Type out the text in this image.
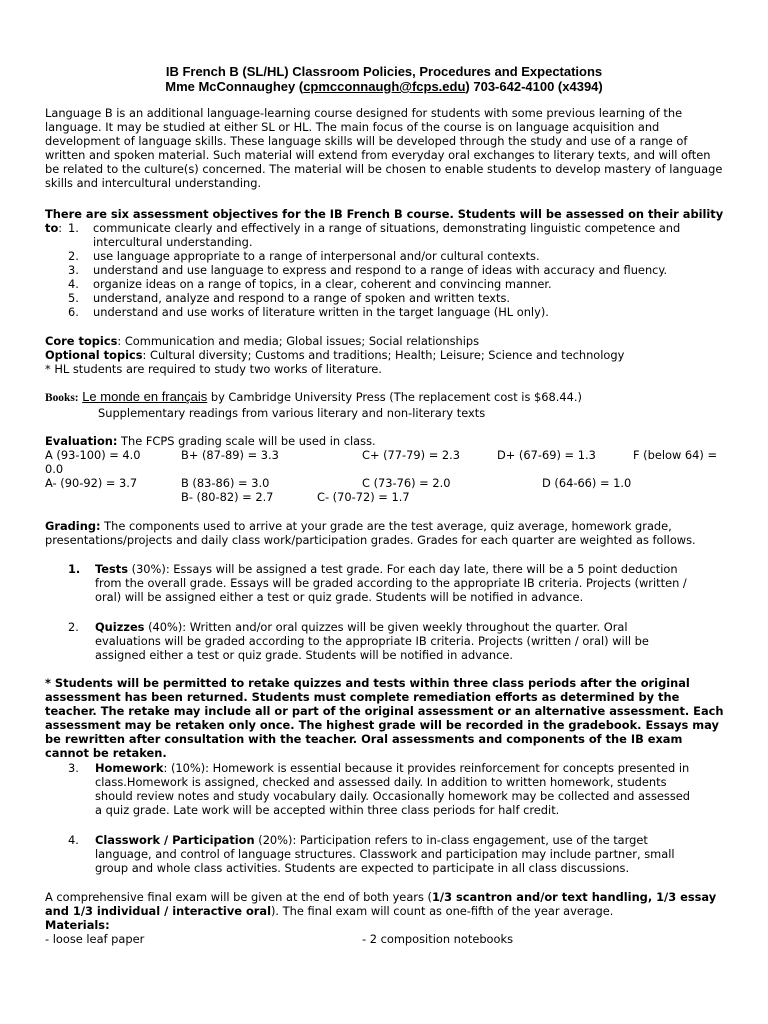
IB French B (SL/HL) Classroom Policies, Procedures and Expectations
Mme McConnaughey (cpmcconnaugh@fcps.edu) 703-642-4100 (x4394)
Language B is an additional language-learning course designed for students with some previous learning of the language. It may be studied at either SL or HL. The main focus of the course is on language acquisition and development of language skills. These language skills will be developed through the study and use of a range of written and spoken material. Such material will extend from everyday oral exchanges to literary texts, and will often be related to the culture(s) concerned. The material will be chosen to enable students to develop mastery of language skills and intercultural understanding.
There are six assessment objectives for the IB French B course. Students will be assessed on their ability to: 1. communicate clearly and effectively in a range of situations, demonstrating linguistic competence and intercultural understanding.
2. use language appropriate to a range of interpersonal and/or cultural contexts.
3. understand and use language to express and respond to a range of ideas with accuracy and fluency.
4. organize ideas on a range of topics, in a clear, coherent and convincing manner.
5. understand, analyze and respond to a range of spoken and written texts.
6. understand and use works of literature written in the target language (HL only).
Core topics: Communication and media; Global issues; Social relationships
Optional topics: Cultural diversity; Customs and traditions; Health; Leisure; Science and technology
* HL students are required to study two works of literature.
Books: Le monde en français by Cambridge University Press (The replacement cost is $68.44.)
Supplementary readings from various literary and non-literary texts
Evaluation: The FCPS grading scale will be used in class.
A (93-100) = 4.0	B+ (87-89) = 3.3	C+ (77-79) = 2.3	D+ (67-69) = 1.3	F (below 64) =
0.0
A- (90-92) = 3.7	B (83-86) = 3.0	C (73-76) = 2.0	D (64-66) = 1.0
B- (80-82) = 2.7	C- (70-72) = 1.7
Grading: The components used to arrive at your grade are the test average, quiz average, homework grade, presentations/projects and daily class work/participation grades. Grades for each quarter are weighted as follows.
1. Tests (30%): Essays will be assigned a test grade. For each day late, there will be a 5 point deduction from the overall grade. Essays will be graded according to the appropriate IB criteria. Projects (written / oral) will be assigned either a test or quiz grade. Students will be notified in advance.
2. Quizzes (40%): Written and/or oral quizzes will be given weekly throughout the quarter. Oral evaluations will be graded according to the appropriate IB criteria. Projects (written / oral) will be assigned either a test or quiz grade. Students will be notified in advance.
* Students will be permitted to retake quizzes and tests within three class periods after the original assessment has been returned. Students must complete remediation efforts as determined by the teacher. The retake may include all or part of the original assessment or an alternative assessment. Each assessment may be retaken only once. The highest grade will be recorded in the gradebook. Essays may be rewritten after consultation with the teacher. Oral assessments and components of the IB exam cannot be retaken.
3. Homework: (10%): Homework is essential because it provides reinforcement for concepts presented in class.Homework is assigned, checked and assessed daily. In addition to written homework, students should review notes and study vocabulary daily. Occasionally homework may be collected and assessed a quiz grade. Late work will be accepted within three class periods for half credit.
4. Classwork / Participation (20%): Participation refers to in-class engagement, use of the target language, and control of language structures. Classwork and participation may include partner, small group and whole class activities. Students are expected to participate in all class discussions.
A comprehensive final exam will be given at the end of both years (1/3 scantron and/or text handling, 1/3 essay and 1/3 individual / interactive oral). The final exam will count as one-fifth of the year average.
Materials:
- loose leaf paper	- 2 composition notebooks
